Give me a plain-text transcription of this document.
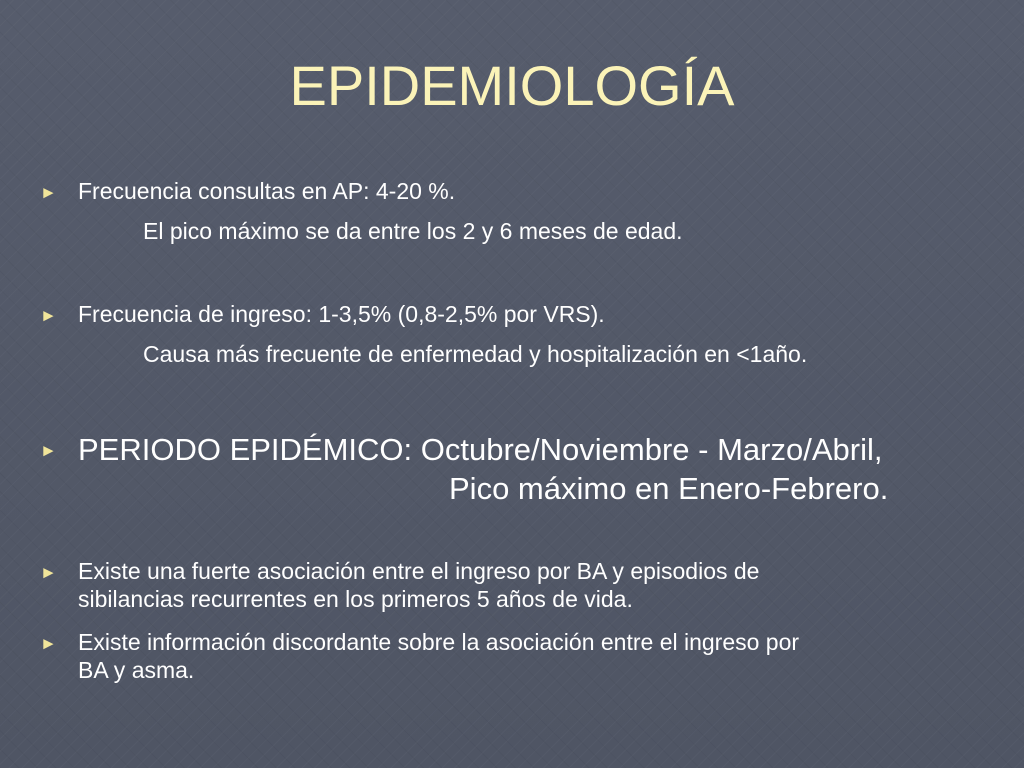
EPIDEMIOLOGÍA
► Frecuencia consultas en AP: 4-20 %.
El pico máximo se da entre los 2 y 6 meses de edad.
► Frecuencia de ingreso: 1-3,5% (0,8-2,5% por VRS).
Causa más frecuente de enfermedad y hospitalización en <1año.
► PERIODO EPIDÉMICO: Octubre/Noviembre - Marzo/Abril,
Pico máximo en Enero-Febrero.
► Existe una fuerte asociación entre el ingreso por BA y episodios de
sibilancias recurrentes en los primeros 5 años de vida.
► Existe información discordante sobre la asociación entre el ingreso por
BA y asma.
